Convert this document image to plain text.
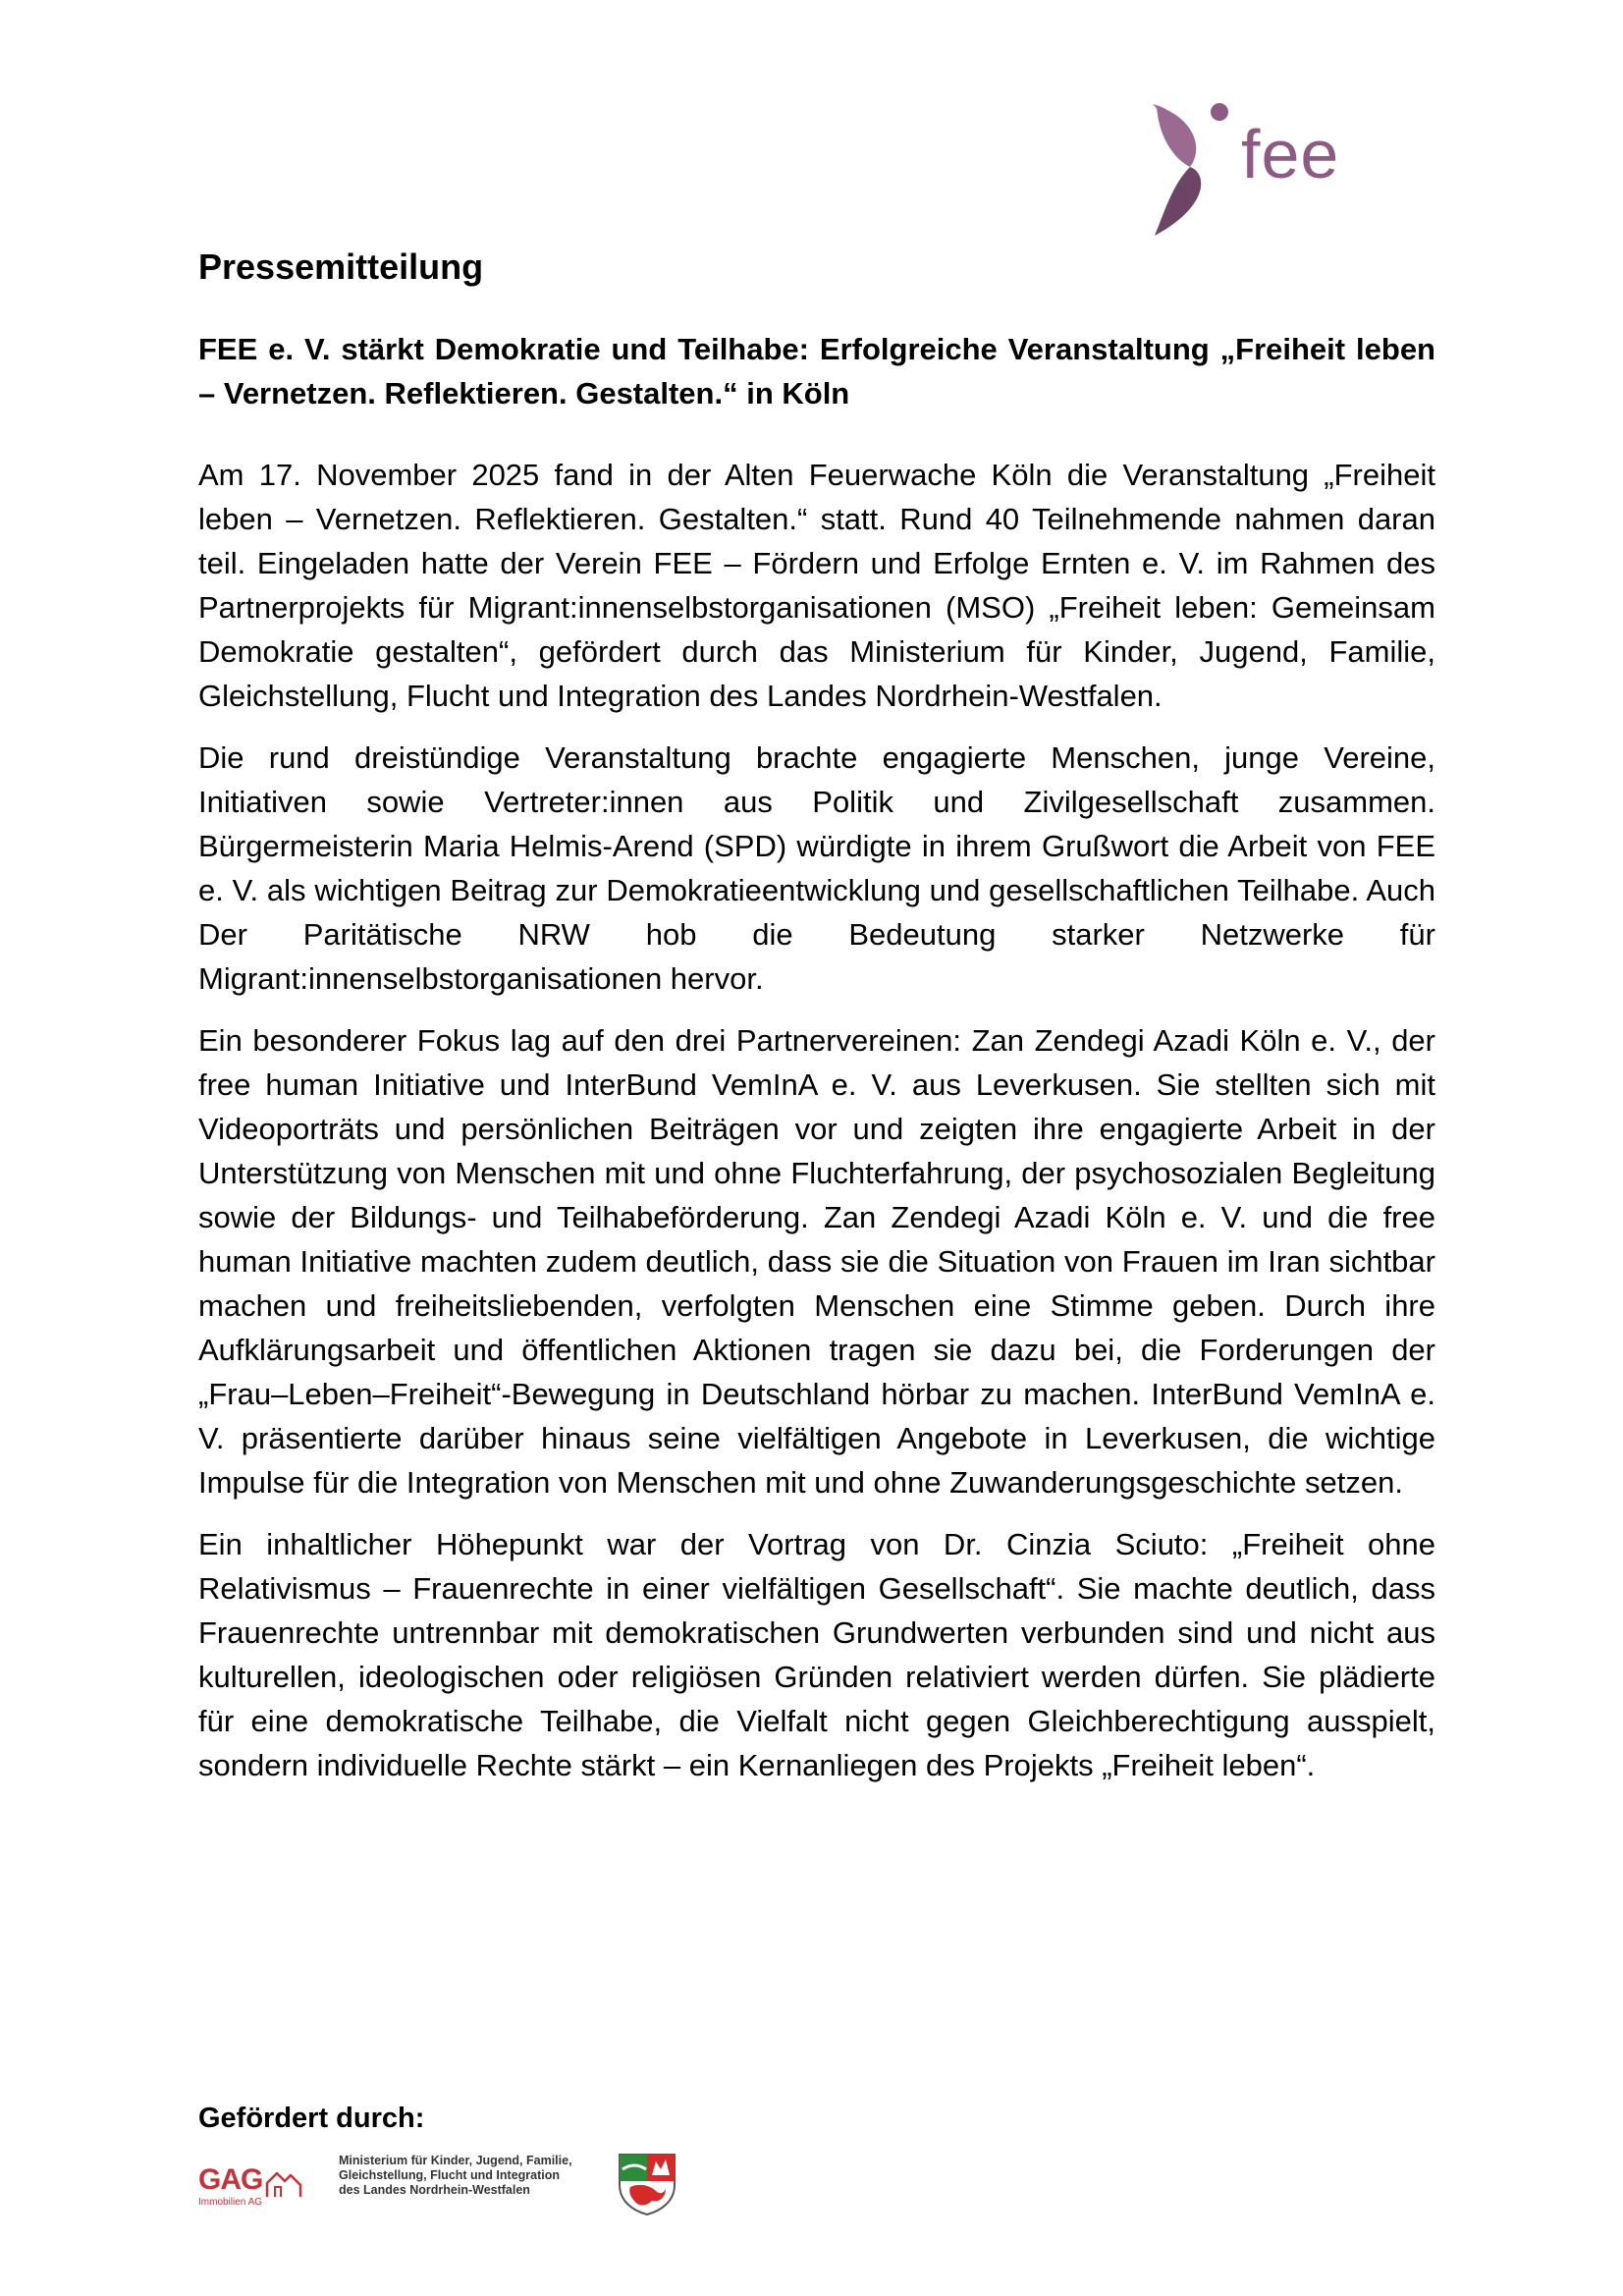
fee
Pressemitteilung
FEE e. V. stärkt Demokratie und Teilhabe: Erfolgreiche Veranstaltung „Freiheit leben – Vernetzen. Reflektieren. Gestalten.“ in Köln

Am 17. November 2025 fand in der Alten Feuerwache Köln die Veranstaltung „Freiheit leben – Vernetzen. Reflektieren. Gestalten.“ statt. Rund 40 Teilnehmende nahmen daran teil. Eingeladen hatte der Verein FEE – Fördern und Erfolge Ernten e. V. im Rahmen des Partnerprojekts für Migrant:innenselbstorganisationen (MSO) „Freiheit leben: Gemeinsam Demokratie gestalten“, gefördert durch das Ministerium für Kinder, Jugend, Familie, Gleichstellung, Flucht und Integration des Landes Nordrhein-Westfalen.

Die rund dreistündige Veranstaltung brachte engagierte Menschen, junge Vereine, Initiativen sowie Vertreter:innen aus Politik und Zivilgesellschaft zusammen. Bürgermeisterin Maria Helmis-Arend (SPD) würdigte in ihrem Grußwort die Arbeit von FEE e. V. als wichtigen Beitrag zur Demokratieentwicklung und gesellschaftlichen Teilhabe. Auch Der Paritätische NRW hob die Bedeutung starker Netzwerke für Migrant:innenselbstorganisationen hervor.

Ein besonderer Fokus lag auf den drei Partnervereinen: Zan Zendegi Azadi Köln e. V., der free human Initiative und InterBund VemInA e. V. aus Leverkusen. Sie stellten sich mit Videoporträts und persönlichen Beiträgen vor und zeigten ihre engagierte Arbeit in der Unterstützung von Menschen mit und ohne Fluchterfahrung, der psychosozialen Begleitung sowie der Bildungs- und Teilhabeförderung. Zan Zendegi Azadi Köln e. V. und die free human Initiative machten zudem deutlich, dass sie die Situation von Frauen im Iran sichtbar machen und freiheitsliebenden, verfolgten Menschen eine Stimme geben. Durch ihre Aufklärungsarbeit und öffentlichen Aktionen tragen sie dazu bei, die Forderungen der „Frau–Leben–Freiheit“-Bewegung in Deutschland hörbar zu machen. InterBund VemInA e. V. präsentierte darüber hinaus seine vielfältigen Angebote in Leverkusen, die wichtige Impulse für die Integration von Menschen mit und ohne Zuwanderungsgeschichte setzen.

Ein inhaltlicher Höhepunkt war der Vortrag von Dr. Cinzia Sciuto: „Freiheit ohne Relativismus – Frauenrechte in einer vielfältigen Gesellschaft“. Sie machte deutlich, dass Frauenrechte untrennbar mit demokratischen Grundwerten verbunden sind und nicht aus kulturellen, ideologischen oder religiösen Gründen relativiert werden dürfen. Sie plädierte für eine demokratische Teilhabe, die Vielfalt nicht gegen Gleichberechtigung ausspielt, sondern individuelle Rechte stärkt – ein Kernanliegen des Projekts „Freiheit leben“.

Gefördert durch:

GAG
Immobilien AG
Ministerium für Kinder, Jugend, Familie,
Gleichstellung, Flucht und Integration
des Landes Nordrhein-Westfalen
